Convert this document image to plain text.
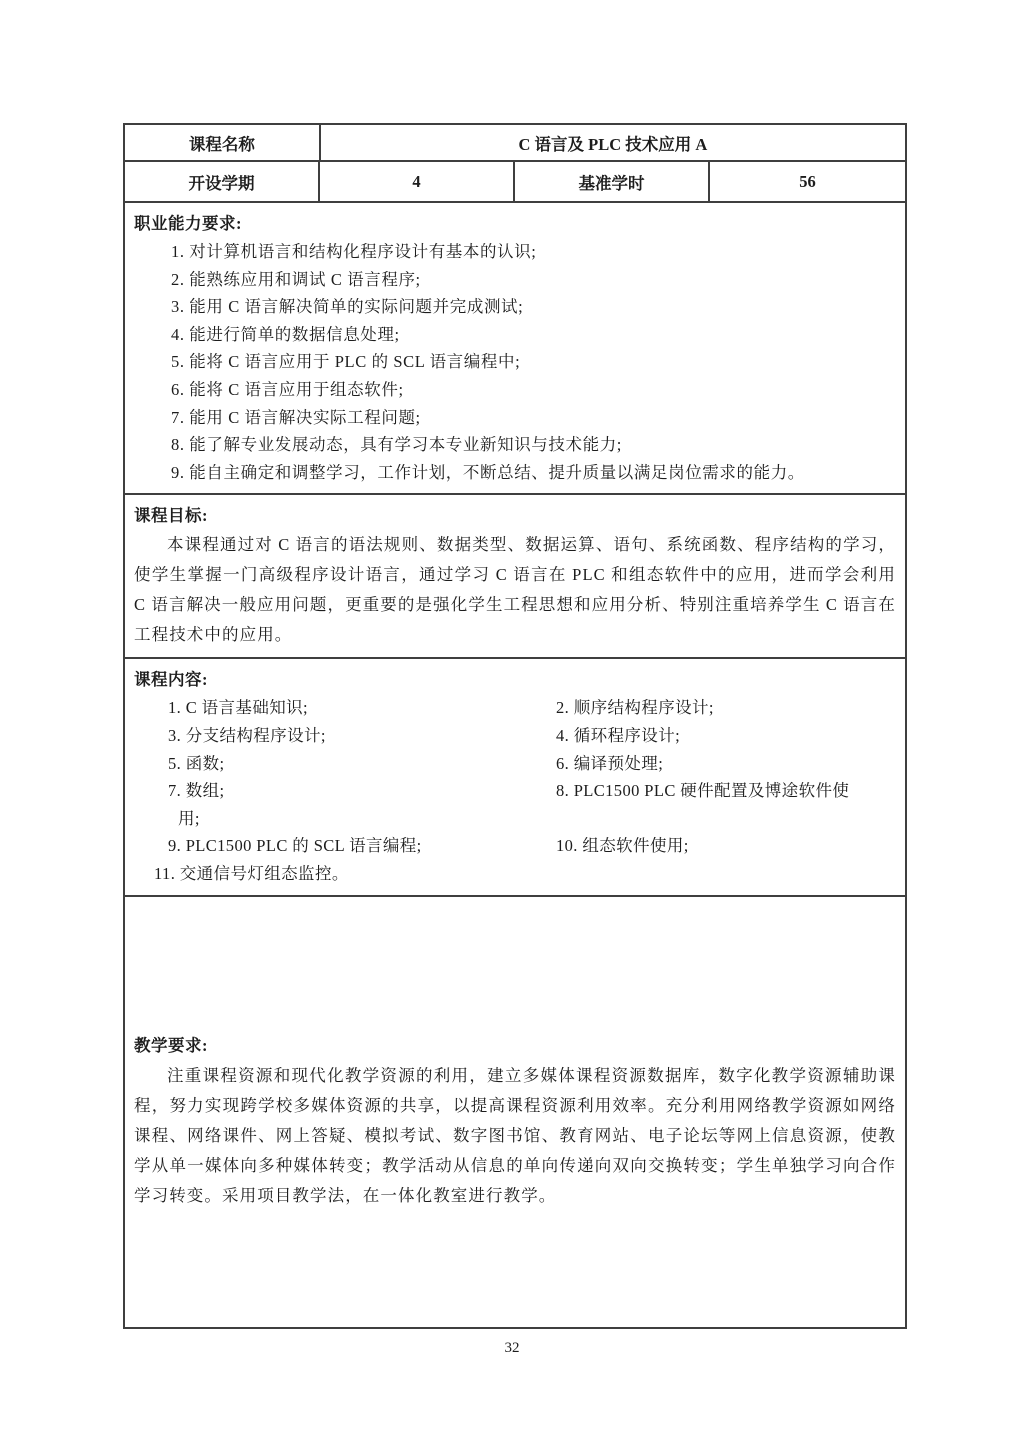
课程名称	C 语言及 PLC 技术应用 A
开设学期	4	基准学时	56
职业能力要求:
1. 对计算机语言和结构化程序设计有基本的认识;
2. 能熟练应用和调试 C 语言程序;
3. 能用 C 语言解决简单的实际问题并完成测试;
4. 能进行简单的数据信息处理;
5. 能将 C 语言应用于 PLC 的 SCL 语言编程中;
6. 能将 C 语言应用于组态软件;
7. 能用 C 语言解决实际工程问题;
8. 能了解专业发展动态，具有学习本专业新知识与技术能力;
9. 能自主确定和调整学习，工作计划，不断总结、提升质量以满足岗位需求的能力。
课程目标:
本课程通过对 C 语言的语法规则、数据类型、数据运算、语句、系统函数、程序结构的学习，使学生掌握一门高级程序设计语言，通过学习 C 语言在 PLC 和组态软件中的应用，进而学会利用 C 语言解决一般应用问题，更重要的是强化学生工程思想和应用分析、特别注重培养学生 C 语言在工程技术中的应用。
课程内容:
1. C 语言基础知识;	2. 顺序结构程序设计;
3. 分支结构程序设计;	4. 循环程序设计;
5. 函数;	6. 编译预处理;
7. 数组;	8. PLC1500 PLC 硬件配置及博途软件使
用;
9. PLC1500 PLC 的 SCL 语言编程;	10. 组态软件使用;
11. 交通信号灯组态监控。
教学要求:
注重课程资源和现代化教学资源的利用，建立多媒体课程资源数据库，数字化教学资源辅助课程，努力实现跨学校多媒体资源的共享，以提高课程资源利用效率。充分利用网络教学资源如网络课程、网络课件、网上答疑、模拟考试、数字图书馆、教育网站、电子论坛等网上信息资源，使教学从单一媒体向多种媒体转变；教学活动从信息的单向传递向双向交换转变；学生单独学习向合作学习转变。采用项目教学法，在一体化教室进行教学。
32
